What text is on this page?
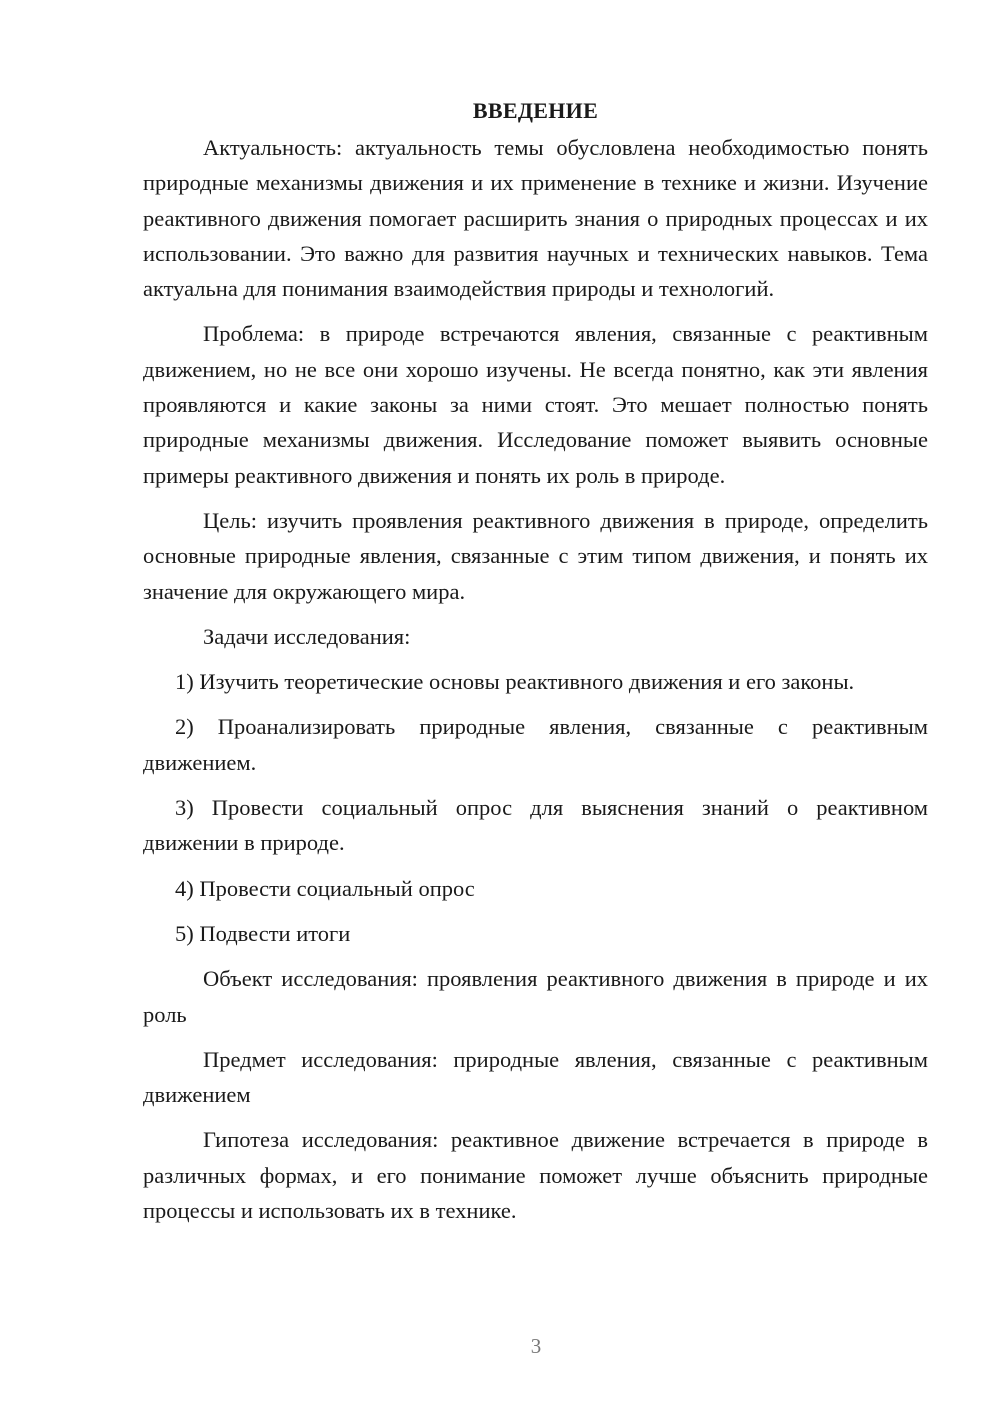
ВВЕДЕНИЕ

Актуальность: актуальность темы обусловлена необходимостью понять природные механизмы движения и их применение в технике и жизни. Изучение реактивного движения помогает расширить знания о природных процессах и их использовании. Это важно для развития научных и технических навыков. Тема актуальна для понимания взаимодействия природы и технологий.

Проблема: в природе встречаются явления, связанные с реактивным движением, но не все они хорошо изучены. Не всегда понятно, как эти явления проявляются и какие законы за ними стоят. Это мешает полностью понять природные механизмы движения. Исследование поможет выявить основные примеры реактивного движения и понять их роль в природе.

Цель: изучить проявления реактивного движения в природе, определить основные природные явления, связанные с этим типом движения, и понять их значение для окружающего мира.

Задачи исследования:

1) Изучить теоретические основы реактивного движения и его законы.

2) Проанализировать природные явления, связанные с реактивным движением.

3) Провести социальный опрос для выяснения знаний о реактивном движении в природе.

4) Провести социальный опрос

5) Подвести итоги

Объект исследования: проявления реактивного движения в природе и их роль

Предмет исследования: природные явления, связанные с реактивным движением

Гипотеза исследования: реактивное движение встречается в природе в различных формах, и его понимание поможет лучше объяснить природные процессы и использовать их в технике.

3
